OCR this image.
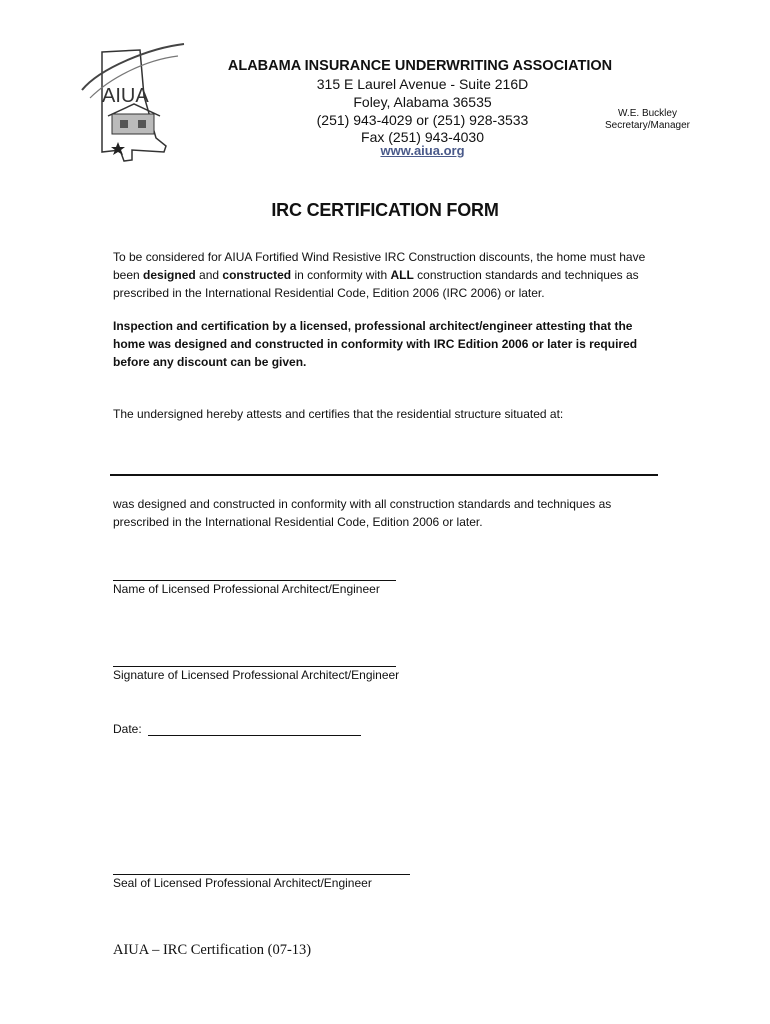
AIUA
ALABAMA INSURANCE UNDERWRITING ASSOCIATION
315 E Laurel Avenue - Suite 216D
Foley, Alabama 36535
(251) 943-4029 or (251) 928-3533
Fax (251) 943-4030
www.aiua.org
W.E. Buckley
Secretary/Manager
IRC CERTIFICATION FORM
To be considered for AIUA Fortified Wind Resistive IRC Construction discounts, the home must have been designed and constructed in conformity with ALL construction standards and techniques as prescribed in the International Residential Code, Edition 2006 (IRC 2006) or later.
Inspection and certification by a licensed, professional architect/engineer attesting that the home was designed and constructed in conformity with IRC Edition 2006 or later is required before any discount can be given.
The undersigned hereby attests and certifies that the residential structure situated at:
was designed and constructed in conformity with all construction standards and techniques as prescribed in the International Residential Code, Edition 2006 or later.
Name of Licensed Professional Architect/Engineer
Signature of Licensed Professional Architect/Engineer
Date:
Seal of Licensed Professional Architect/Engineer
AIUA – IRC Certification (07-13)
